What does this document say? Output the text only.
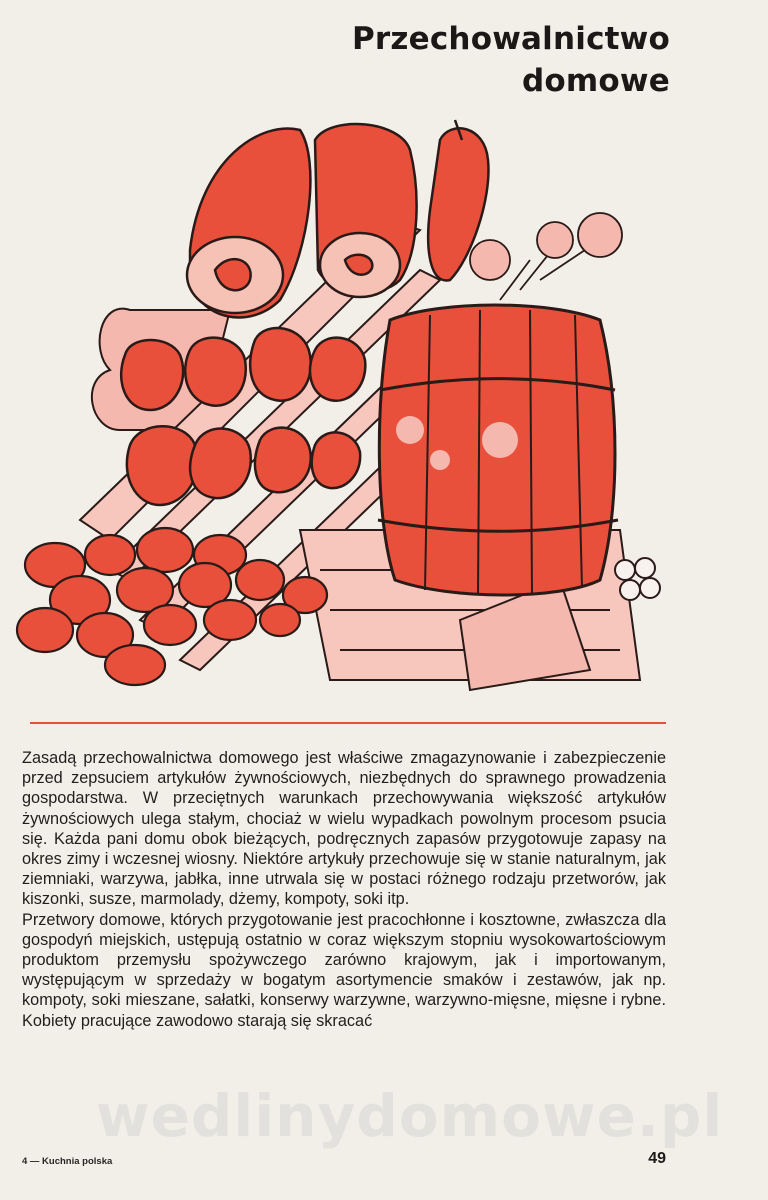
Przechowalnictwo
domowe

Zasadą przechowalnictwa domowego jest właściwe zmagazynowanie i zabezpieczenie przed zepsuciem artykułów żywnościowych, niezbędnych do sprawnego prowadzenia gospodarstwa. W przeciętnych warunkach przechowywania większość artykułów żywnościowych ulega stałym, chociaż w wielu wypadkach powolnym procesom psucia się. Każda pani domu obok bieżących, podręcznych zapasów przygotowuje zapasy na okres zimy i wczesnej wiosny. Niektóre artykuły przechowuje się w stanie naturalnym, jak ziemniaki, warzywa, jabłka, inne utrwala się w postaci różnego rodzaju przetworów, jak kiszonki, susze, marmolady, dżemy, kompoty, soki itp.

Przetwory domowe, których przygotowanie jest pracochłonne i kosztowne, zwłaszcza dla gospodyń miejskich, ustępują ostatnio w coraz większym stopniu wysokowartościowym produktom przemysłu spożywczego zarówno krajowym, jak i importowanym, występującym w sprzedaży w bogatym asortymencie smaków i zestawów, jak np. kompoty, soki mieszane, sałatki, konserwy warzywne, warzywno-mięsne, mięsne i rybne. Kobiety pracujące zawodowo starają się skracać

wedlinydomowe.pl
4 — Kuchnia polska	49
